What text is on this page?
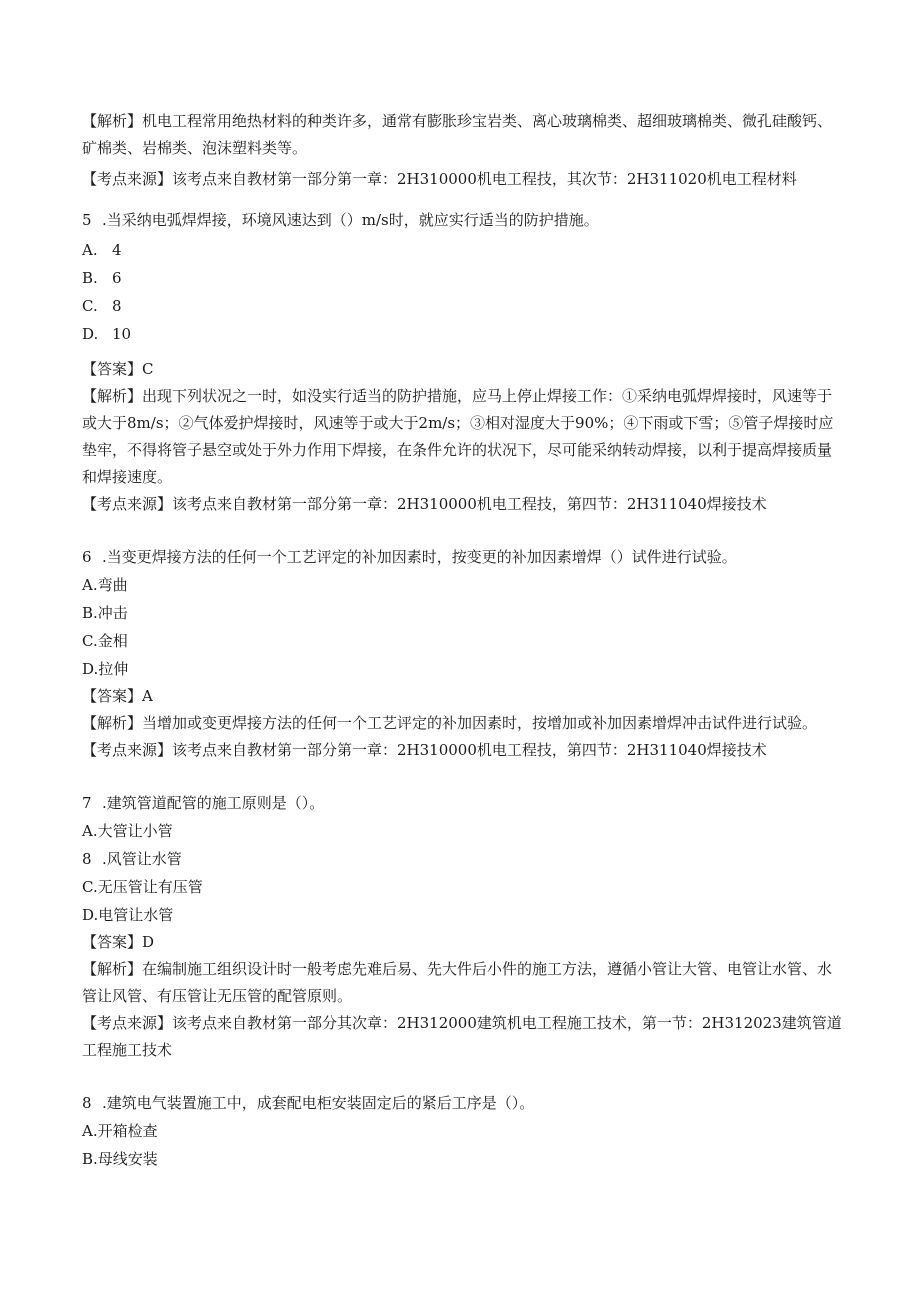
【解析】机电工程常用绝热材料的种类许多，通常有膨胀珍宝岩类、离心玻璃棉类、超细玻璃棉类、微孔硅酸钙、矿棉类、岩棉类、泡沫塑料类等。
【考点来源】该考点来自教材第一部分第一章：2H310000机电工程技，其次节：2H311020机电工程材料
5 .当采纳电弧焊焊接，环境风速达到（）m/s时，就应实行适当的防护措施。
A. 4
B. 6
C. 8
D. 10
【答案】C
【解析】出现下列状况之一时，如没实行适当的防护措施，应马上停止焊接工作：①采纳电弧焊焊接时，风速等于或大于8m/s；②气体爱护焊接时，风速等于或大于2m/s；③相对湿度大于90%；④下雨或下雪；⑤管子焊接时应垫牢，不得将管子悬空或处于外力作用下焊接，在条件允许的状况下，尽可能采纳转动焊接，以利于提高焊接质量和焊接速度。
【考点来源】该考点来自教材第一部分第一章：2H310000机电工程技，第四节：2H311040焊接技术
6 .当变更焊接方法的任何一个工艺评定的补加因素时，按变更的补加因素增焊（）试件进行试验。
A.弯曲
B.冲击
C.金相
D.拉伸
【答案】A
【解析】当增加或变更焊接方法的任何一个工艺评定的补加因素时，按增加或补加因素增焊冲击试件进行试验。
【考点来源】该考点来自教材第一部分第一章：2H310000机电工程技，第四节：2H311040焊接技术
7 .建筑管道配管的施工原则是（）。
A.大管让小管
8 .风管让水管
C.无压管让有压管
D.电管让水管
【答案】D
【解析】在编制施工组织设计时一般考虑先难后易、先大件后小件的施工方法，遵循小管让大管、电管让水管、水管让风管、有压管让无压管的配管原则。
【考点来源】该考点来自教材第一部分其次章：2H312000建筑机电工程施工技术，第一节：2H312023建筑管道工程施工技术
8 .建筑电气装置施工中，成套配电柜安装固定后的紧后工序是（）。
A.开箱检查
B.母线安装
